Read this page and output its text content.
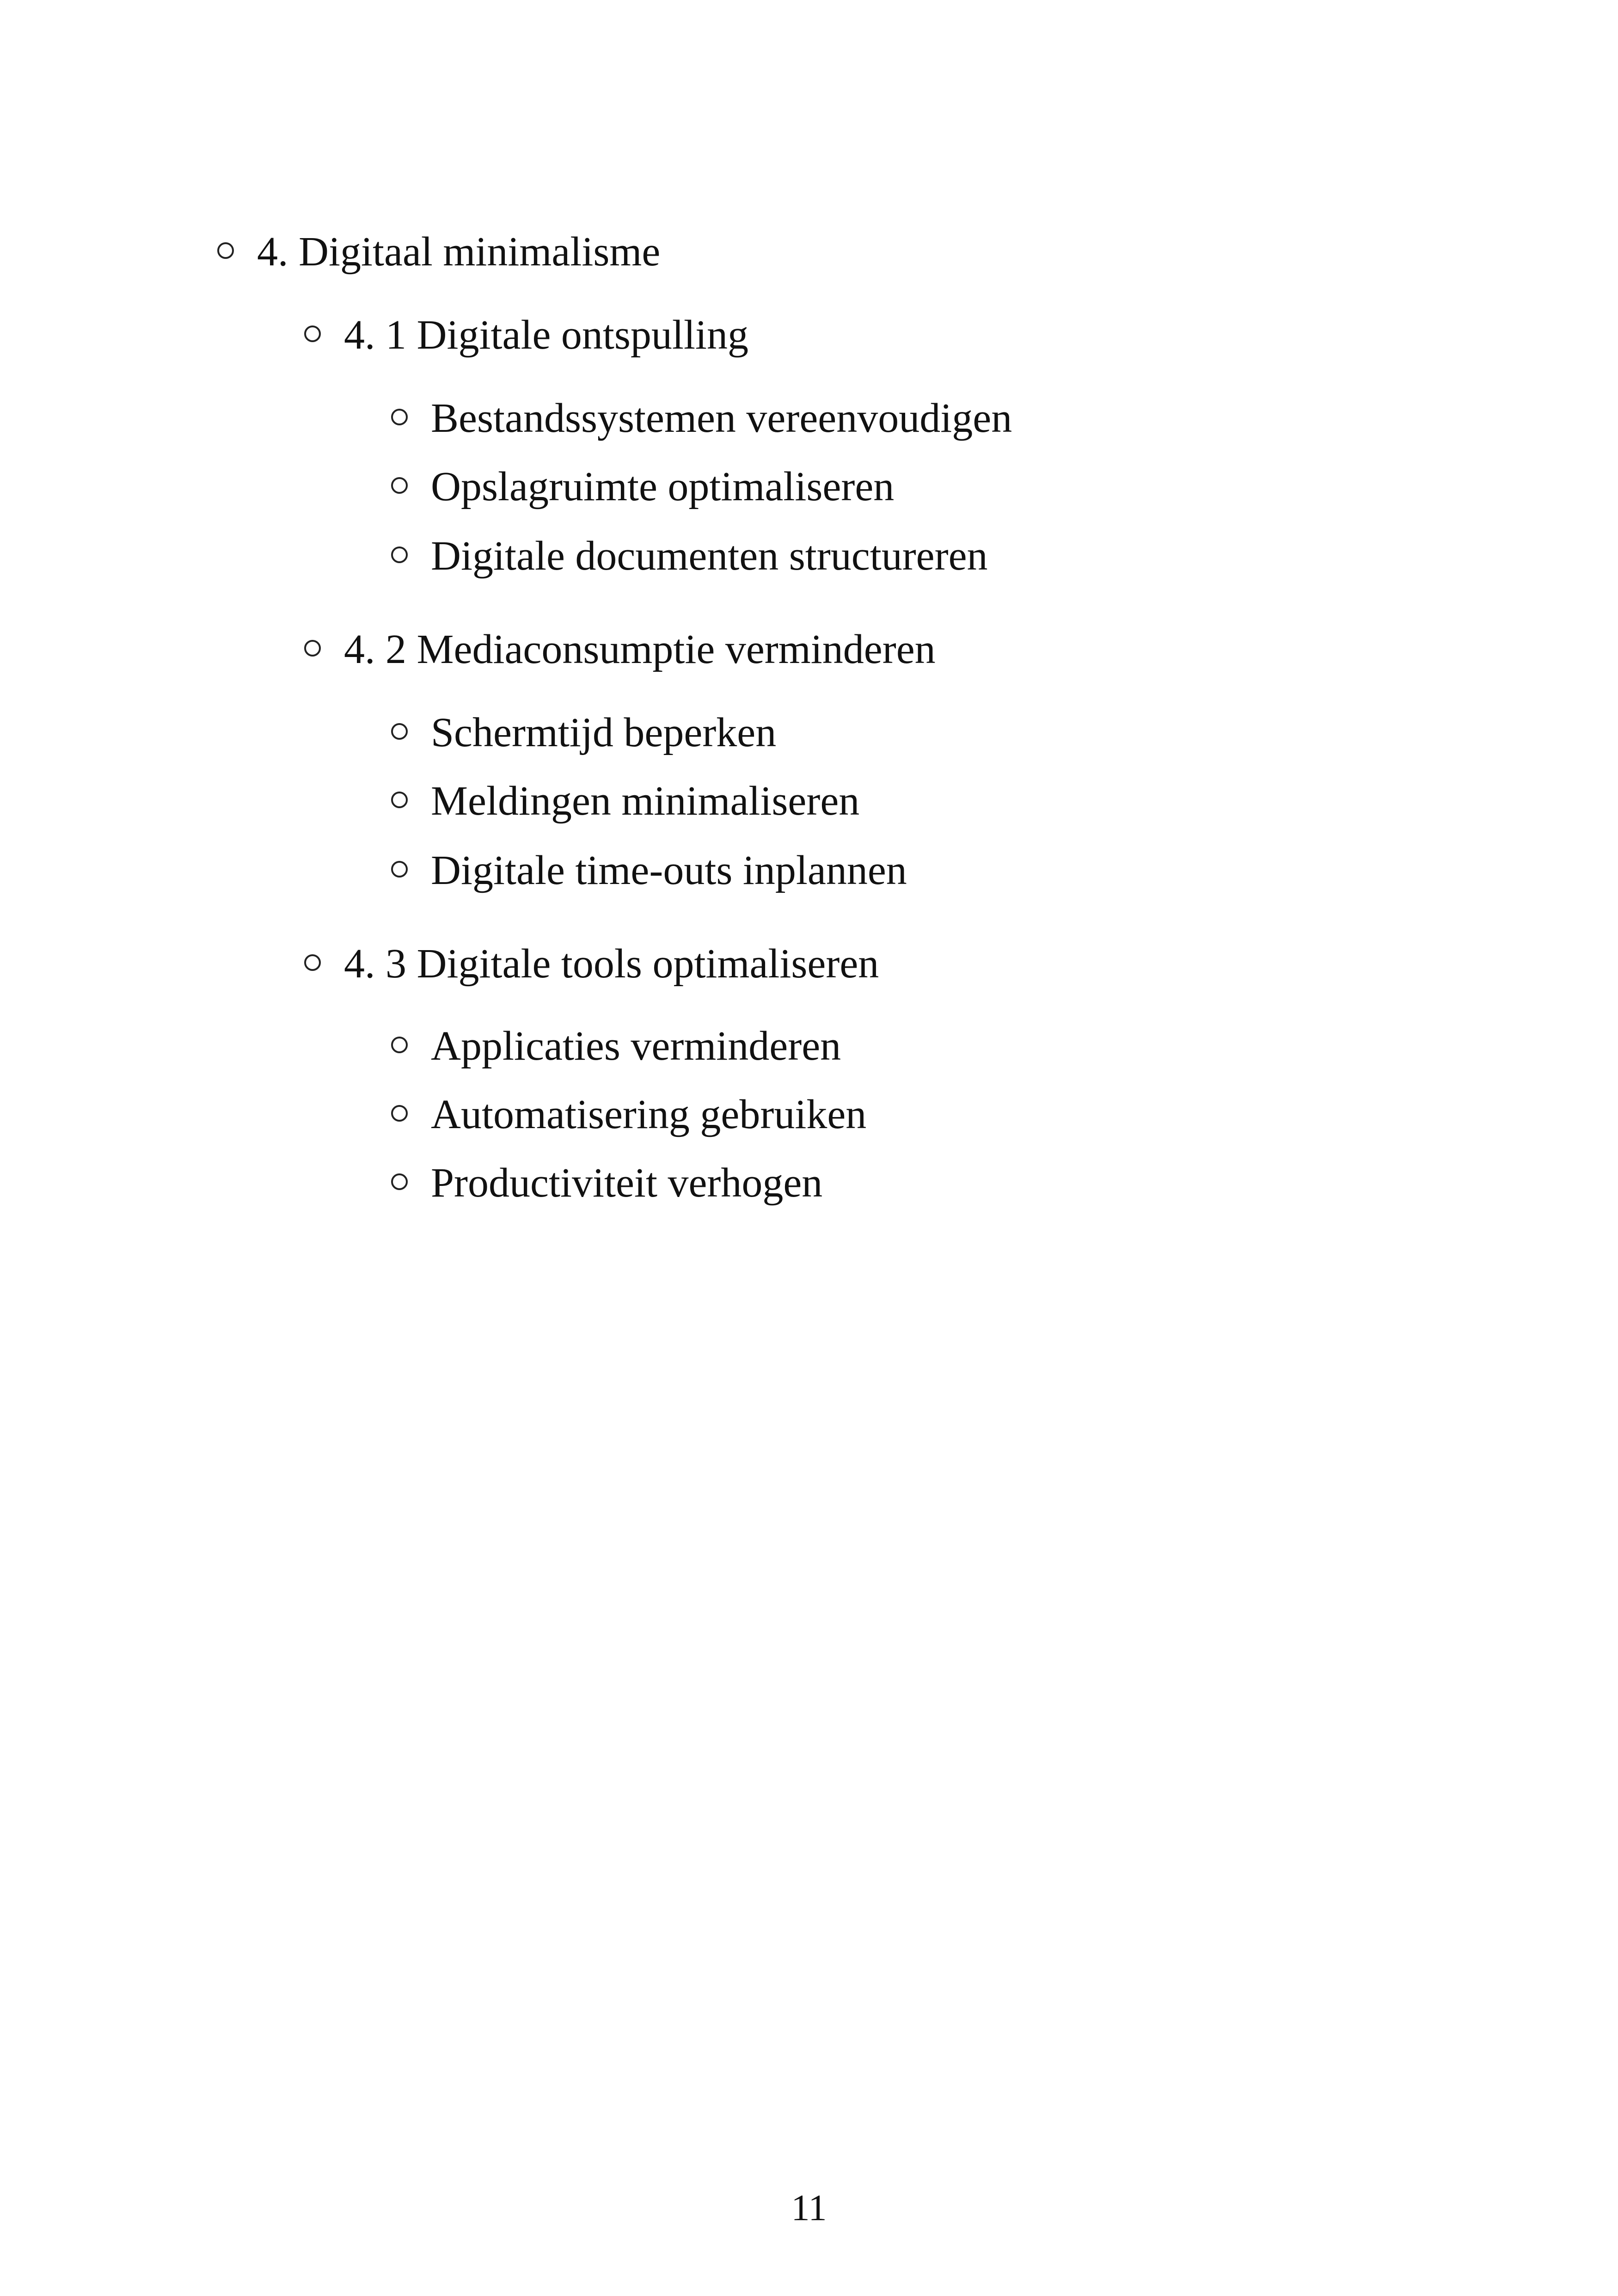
4. Digitaal minimalisme
4. 1 Digitale ontspulling
Bestandssystemen vereenvoudigen
Opslagruimte optimaliseren
Digitale documenten structureren
4. 2 Mediaconsumptie verminderen
Schermtijd beperken
Meldingen minimaliseren
Digitale time-outs inplannen
4. 3 Digitale tools optimaliseren
Applicaties verminderen
Automatisering gebruiken
Productiviteit verhogen
11
